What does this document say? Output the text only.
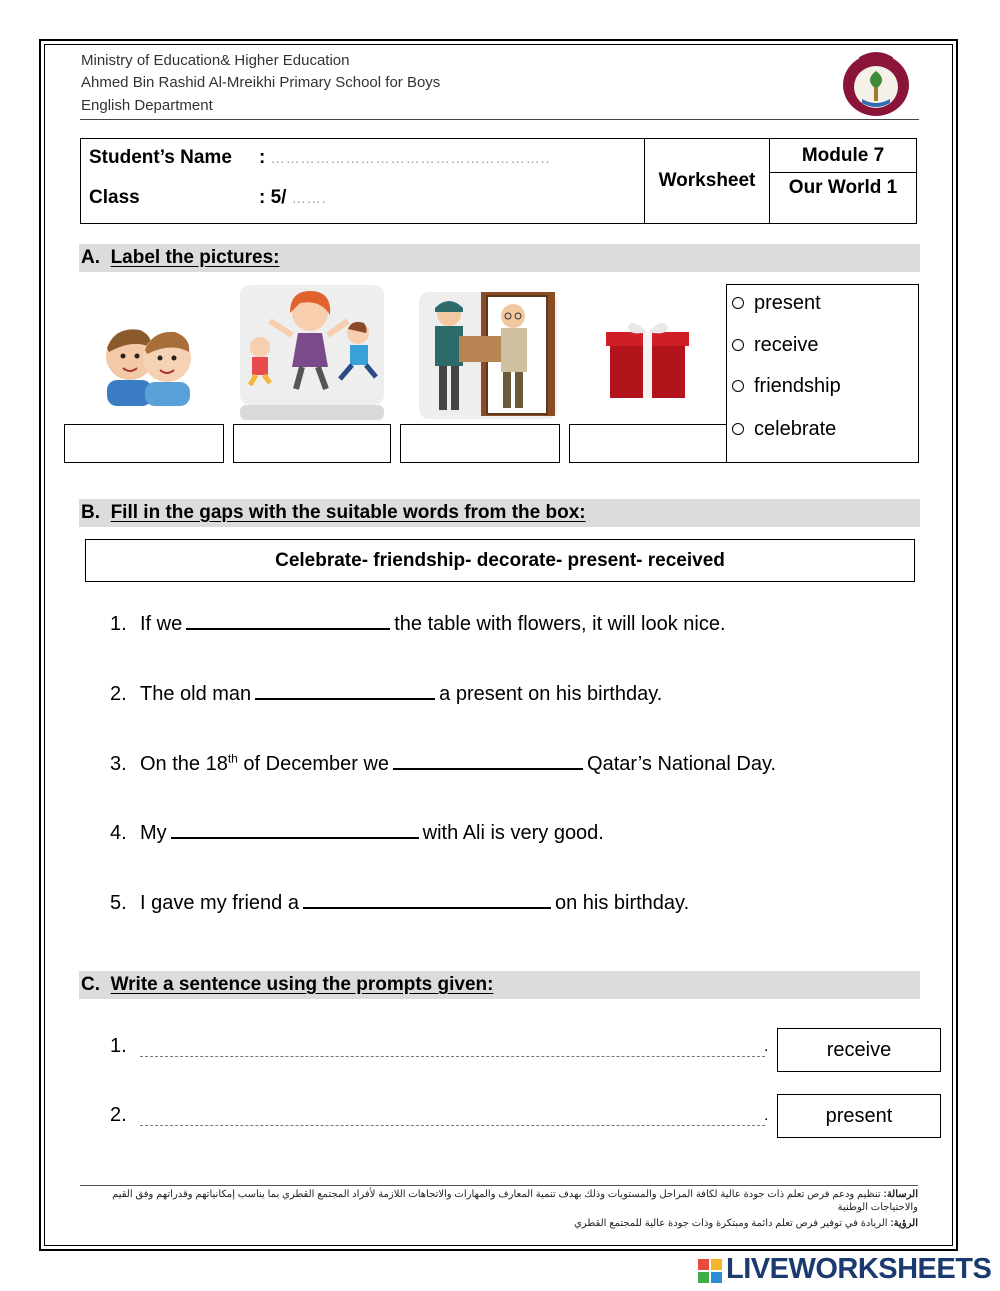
Ministry of Education& Higher Education
Ahmed Bin Rashid Al-Mreikhi Primary School for Boys
English Department
Student’s Name : ………………………………………………..	Worksheet	Module 7
Class : 5/ …….		Our World 1
A. Label the pictures:
present
receive
friendship
celebrate
B. Fill in the gaps with the suitable words from the box:
Celebrate- friendship- decorate- present- received
1. If we	the table with flowers, it will look nice.
2. The old man	a present on his birthday.
3. On the 18th of December we	Qatar’s National Day.
4. My	with Ali is very good.
5. I gave my friend a	on his birthday.
C. Write a sentence using the prompts given:
1.	.	receive
2.	.	present
الرسالة: تنظيم ودعم فرص تعلم ذات جودة عالية لكافة المراحل والمستويات وذلك بهدف تنمية المعارف والمهارات والاتجاهات اللازمة لأفراد المجتمع القطري بما يناسب إمكانياتهم وقدراتهم وفق القيم والاحتياجات الوطنية
الرؤية: الريادة في توفير فرص تعلم دائمة ومبتكرة وذات جودة عالية للمجتمع القطري
LIVEWORKSHEETS
